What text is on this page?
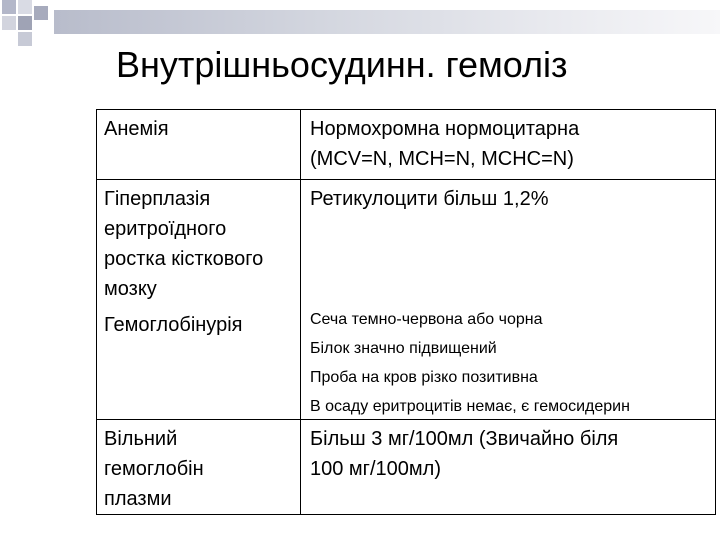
Внутрішньосудинн. гемоліз
Анемія	Нормохромна нормоцитарна
(MCV=N, MCH=N, MCHC=N)
Гіперплазія
еритроїдного
ростка кісткового
мозку
Ретикулоцити більш 1,2%
Гемоглобінурія	Сеча темно-червона або чорна
Білок значно підвищений
Проба на кров різко позитивна
В осаду еритроцитів немає, є гемосидерин
Вільний
гемоглобін
плазми
Більш 3 мг/100мл (Звичайно біля
100 мг/100мл)
